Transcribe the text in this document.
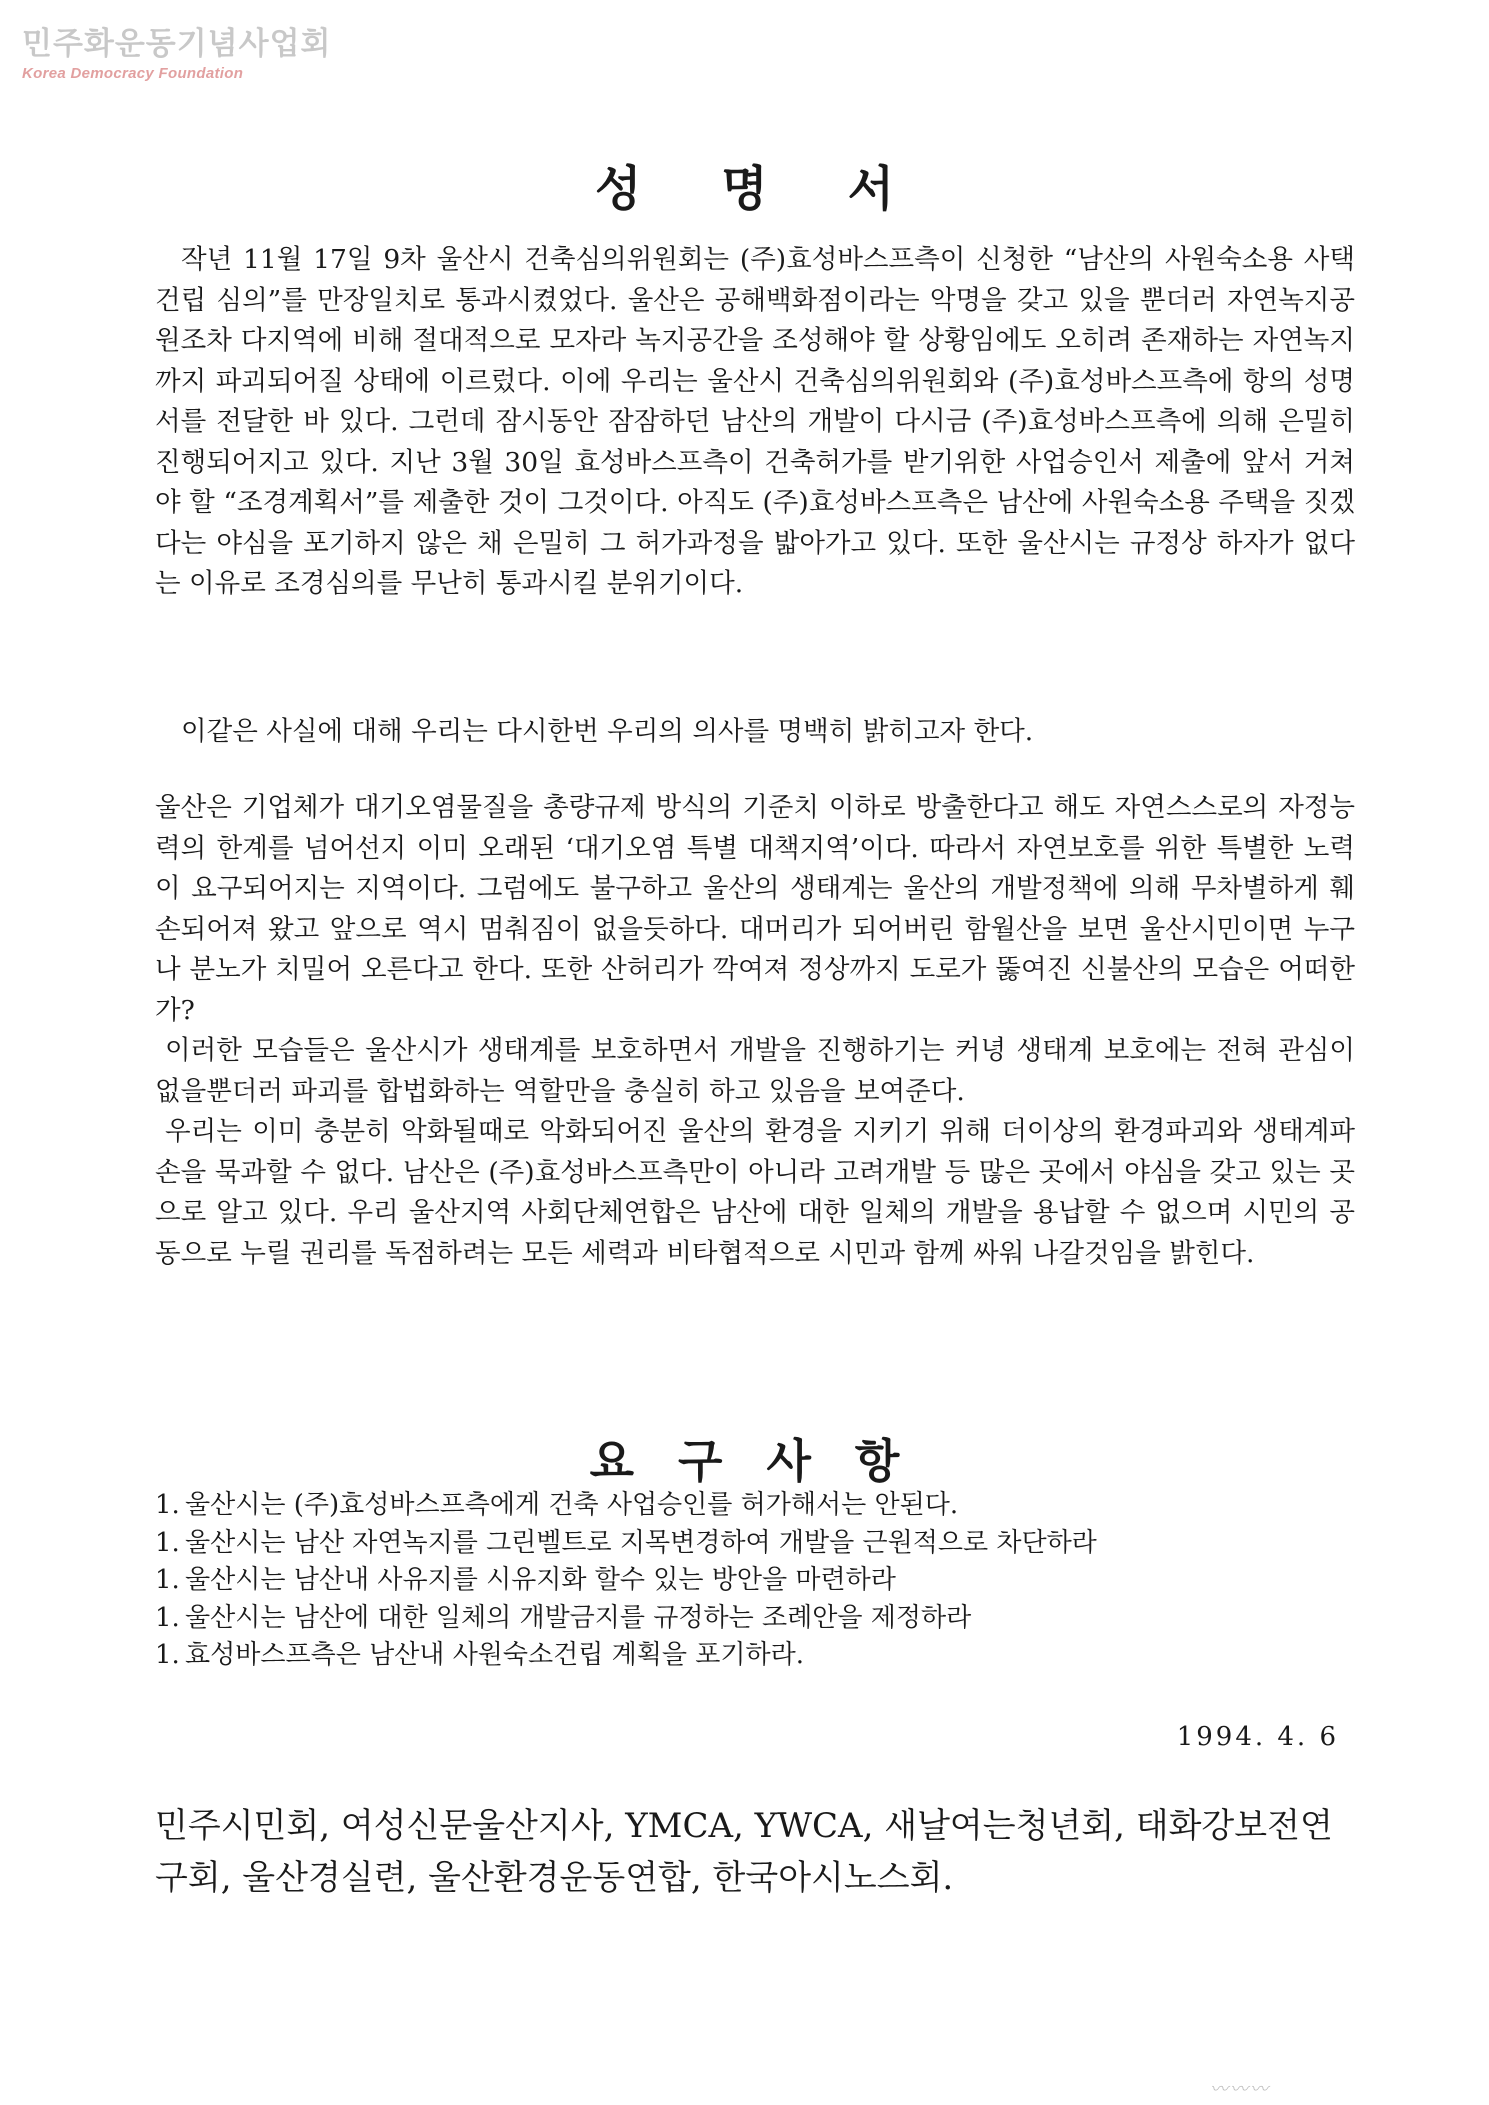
민주화운동기념사업회
Korea Democracy Foundation
성명서

작년 11월 17일 9차 울산시 건축심의위원회는 (주)효성바스프측이 신청한 “남산의 사원숙소용 사택건립 심의”를 만장일치로 통과시켰었다. 울산은 공해백화점이라는 악명을 갖고 있을 뿐더러 자연녹지공원조차 다지역에 비해 절대적으로 모자라 녹지공간을 조성해야 할 상황임에도 오히려 존재하는 자연녹지까지 파괴되어질 상태에 이르렀다. 이에 우리는 울산시 건축심의위원회와 (주)효성바스프측에 항의 성명서를 전달한 바 있다. 그런데 잠시동안 잠잠하던 남산의 개발이 다시금 (주)효성바스프측에 의해 은밀히 진행되어지고 있다. 지난 3월 30일 효성바스프측이 건축허가를 받기위한 사업승인서 제출에 앞서 거쳐야 할 “조경계획서”를 제출한 것이 그것이다. 아직도 (주)효성바스프측은 남산에 사원숙소용 주택을 짓겠다는 야심을 포기하지 않은 채 은밀히 그 허가과정을 밟아가고 있다. 또한 울산시는 규정상 하자가 없다는 이유로 조경심의를 무난히 통과시킬 분위기이다.

이같은 사실에 대해 우리는 다시한번 우리의 의사를 명백히 밝히고자 한다.

울산은 기업체가 대기오염물질을 총량규제 방식의 기준치 이하로 방출한다고 해도 자연스스로의 자정능력의 한계를 넘어선지 이미 오래된 ‘대기오염 특별 대책지역’이다. 따라서 자연보호를 위한 특별한 노력이 요구되어지는 지역이다. 그럼에도 불구하고 울산의 생태계는 울산의 개발정책에 의해 무차별하게 훼손되어져 왔고 앞으로 역시 멈춰짐이 없을듯하다. 대머리가 되어버린 함월산을 보면 울산시민이면 누구나 분노가 치밀어 오른다고 한다. 또한 산허리가 깍여져 정상까지 도로가 뚫여진 신불산의 모습은 어떠한가?

이러한 모습들은 울산시가 생태계를 보호하면서 개발을 진행하기는 커녕 생태계 보호에는 전혀 관심이 없을뿐더러 파괴를 합법화하는 역할만을 충실히 하고 있음을 보여준다.

우리는 이미 충분히 악화될때로 악화되어진 울산의 환경을 지키기 위해 더이상의 환경파괴와 생태계파손을 묵과할 수 없다. 남산은 (주)효성바스프측만이 아니라 고려개발 등 많은 곳에서 야심을 갖고 있는 곳으로 알고 있다. 우리 울산지역 사회단체연합은 남산에 대한 일체의 개발을 용납할 수 없으며 시민의 공동으로 누릴 권리를 독점하려는 모든 세력과 비타협적으로 시민과 함께 싸워 나갈것임을 밝힌다.

요구사항
1. 울산시는 (주)효성바스프측에게 건축 사업승인를 허가해서는 안된다.
1. 울산시는 남산 자연녹지를 그린벨트로 지목변경하여 개발을 근원적으로 차단하라
1. 울산시는 남산내 사유지를 시유지화 할수 있는 방안을 마련하라
1. 울산시는 남산에 대한 일체의 개발금지를 규정하는 조례안을 제정하라
1. 효성바스프측은 남산내 사원숙소건립 계획을 포기하라.
1994. 4. 6
민주시민회, 여성신문울산지사, YMCA, YWCA, 새날여는청년회, 태화강보전연구회, 울산경실련, 울산환경운동연합, 한국아시노스회.
〰〰〰
